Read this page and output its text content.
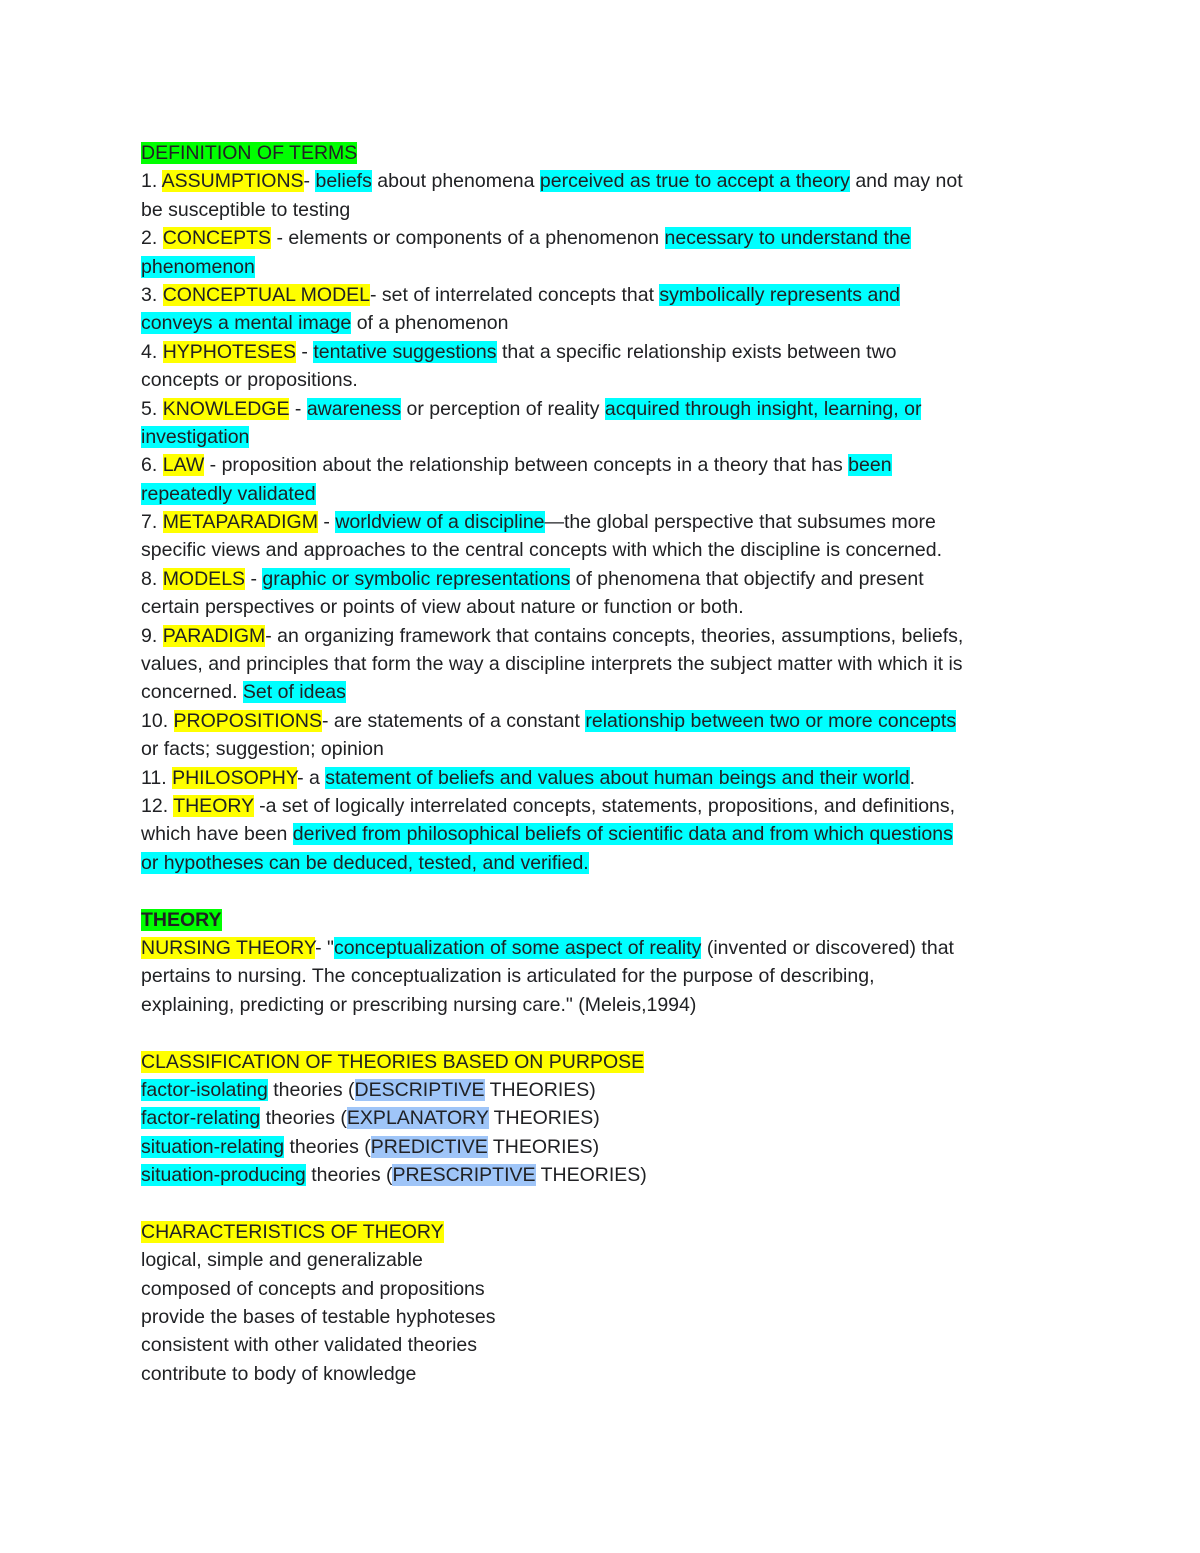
DEFINITION OF TERMS
1. ASSUMPTIONS- beliefs about phenomena perceived as true to accept a theory and may not
be susceptible to testing
2. CONCEPTS - elements or components of a phenomenon necessary to understand the
phenomenon
3. CONCEPTUAL MODEL- set of interrelated concepts that symbolically represents and
conveys a mental image of a phenomenon
4. HYPHOTESES - tentative suggestions that a specific relationship exists between two
concepts or propositions.
5. KNOWLEDGE - awareness or perception of reality acquired through insight, learning, or
investigation
6. LAW - proposition about the relationship between concepts in a theory that has been
repeatedly validated
7. METAPARADIGM - worldview of a discipline—the global perspective that subsumes more
specific views and approaches to the central concepts with which the discipline is concerned.
8. MODELS - graphic or symbolic representations of phenomena that objectify and present
certain perspectives or points of view about nature or function or both.
9. PARADIGM- an organizing framework that contains concepts, theories, assumptions, beliefs,
values, and principles that form the way a discipline interprets the subject matter with which it is
concerned. Set of ideas
10. PROPOSITIONS- are statements of a constant relationship between two or more concepts
or facts; suggestion; opinion
11. PHILOSOPHY- a statement of beliefs and values about human beings and their world.
12. THEORY -a set of logically interrelated concepts, statements, propositions, and definitions,
which have been derived from philosophical beliefs of scientific data and from which questions
or hypotheses can be deduced, tested, and verified.
THEORY
NURSING THEORY- "conceptualization of some aspect of reality (invented or discovered) that
pertains to nursing. The conceptualization is articulated for the purpose of describing,
explaining, predicting or prescribing nursing care." (Meleis,1994)
CLASSIFICATION OF THEORIES BASED ON PURPOSE
factor-isolating theories (DESCRIPTIVE THEORIES)
factor-relating theories (EXPLANATORY THEORIES)
situation-relating theories (PREDICTIVE THEORIES)
situation-producing theories (PRESCRIPTIVE THEORIES)
CHARACTERISTICS OF THEORY
logical, simple and generalizable
composed of concepts and propositions
provide the bases of testable hyphoteses
consistent with other validated theories
contribute to body of knowledge
